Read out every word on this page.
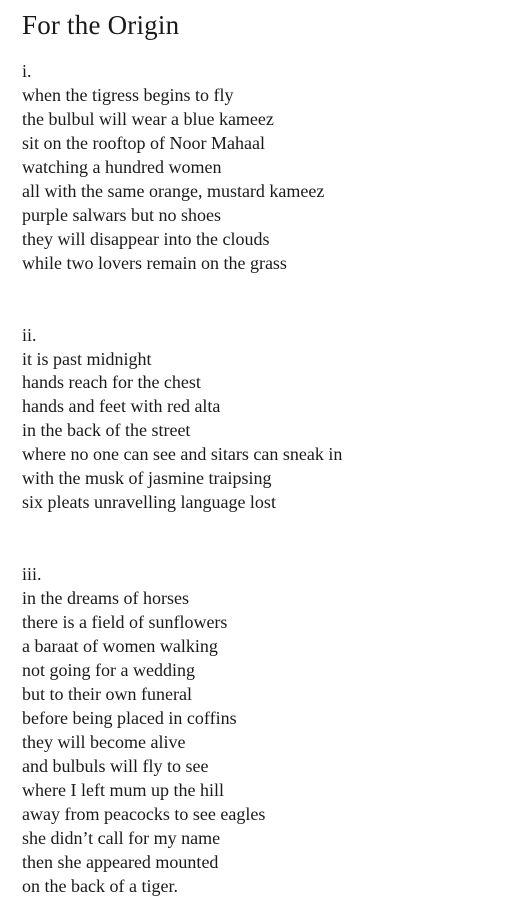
For the Origin
i.
when the tigress begins to fly
the bulbul will wear a blue kameez
sit on the rooftop of Noor Mahaal
watching a hundred women
all with the same orange, mustard kameez
purple salwars but no shoes
they will disappear into the clouds
while two lovers remain on the grass
ii.
it is past midnight
hands reach for the chest
hands and feet with red alta
in the back of the street
where no one can see and sitars can sneak in
with the musk of jasmine traipsing
six pleats unravelling language lost
iii.
in the dreams of horses
there is a field of sunflowers
a baraat of women walking
not going for a wedding
but to their own funeral
before being placed in coffins
they will become alive
and bulbuls will fly to see
where I left mum up the hill
away from peacocks to see eagles
she didn’t call for my name
then she appeared mounted
on the back of a tiger.
